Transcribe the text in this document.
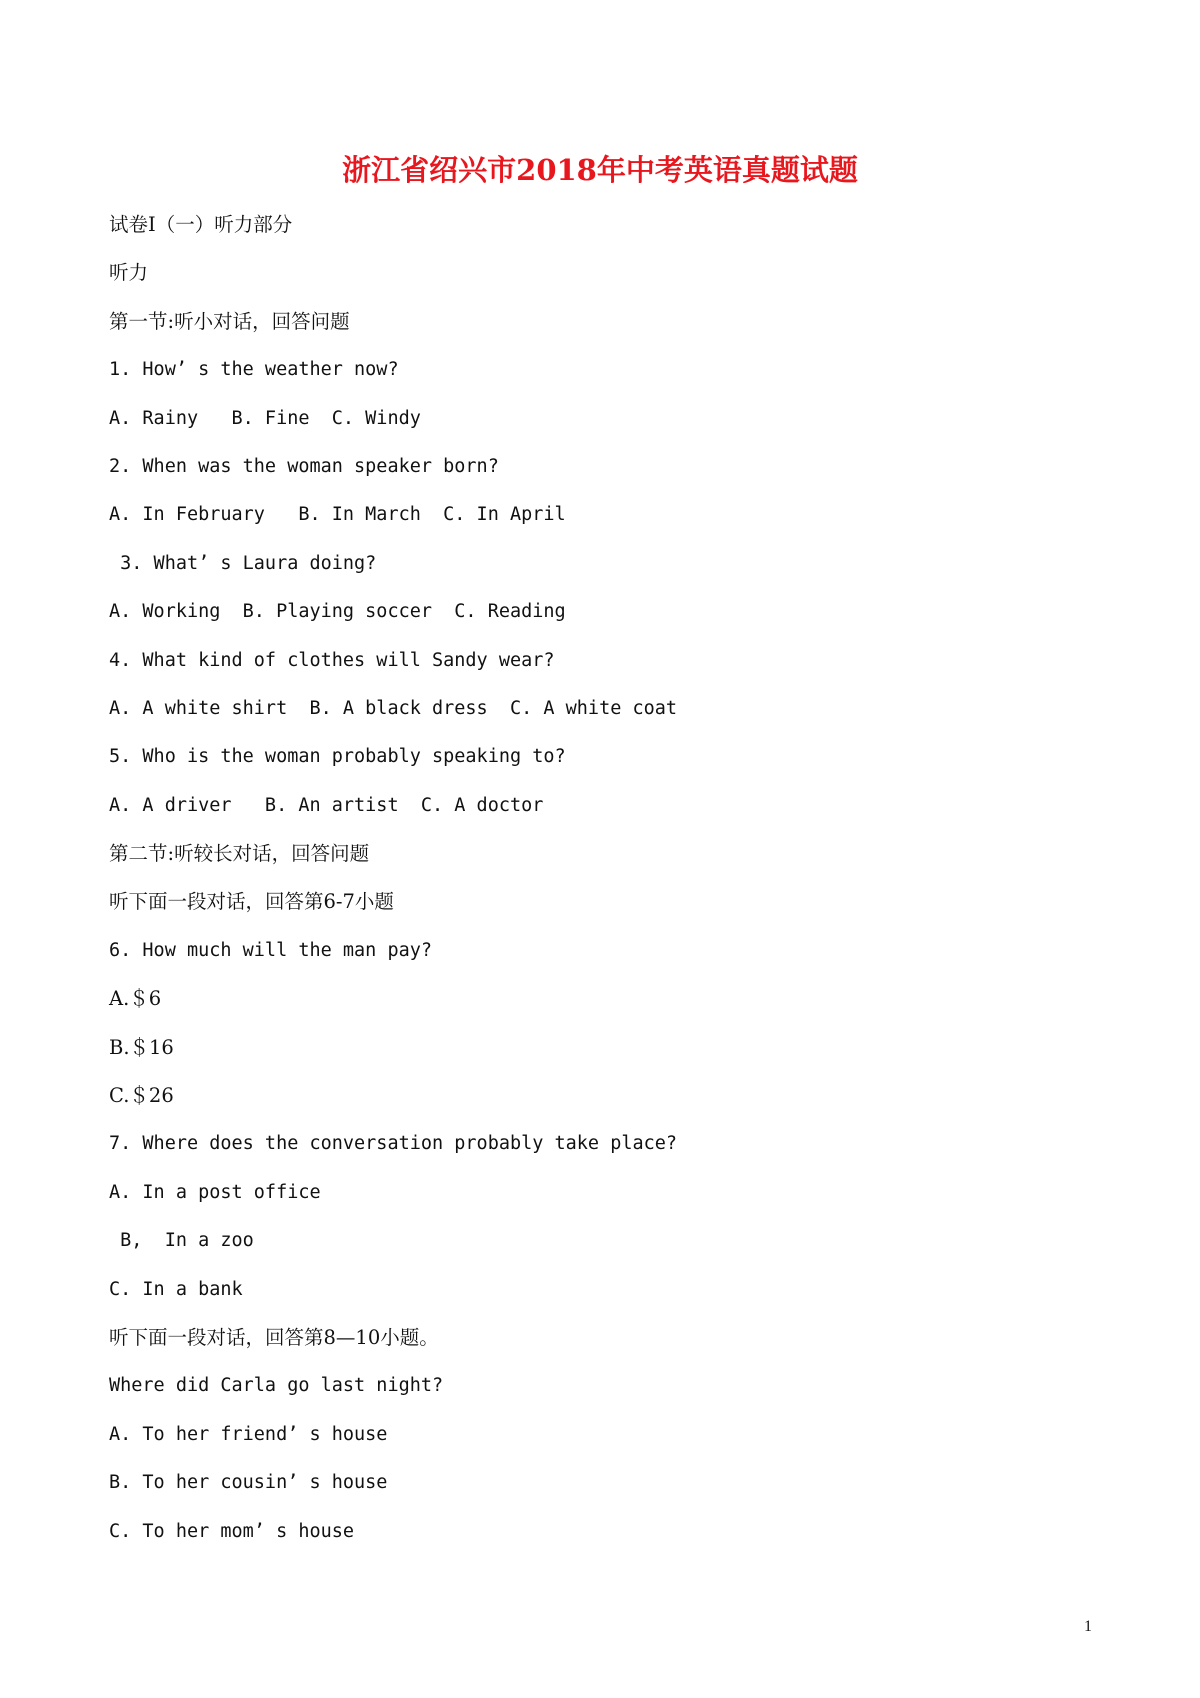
浙江省绍兴市2018年中考英语真题试题
试卷Ⅰ（一）听力部分
听力
第一节:听小对话，回答问题
1. How’ s the weather now?
A. Rainy   B. Fine  C. Windy
2. When was the woman speaker born?
A. In February   B. In March  C. In April
3. What’ s Laura doing?
A. Working  B. Playing soccer  C. Reading
4. What kind of clothes will Sandy wear?
A. A white shirt  B. A black dress  C. A white coat
5. Who is the woman probably speaking to?
A. A driver   B. An artist  C. A doctor
第二节:听较长对话，回答问题
听下面一段对话，回答第6-7小题
6. How much will the man pay?
A.＄6
B.＄16
C.＄26
7. Where does the conversation probably take place?
A. In a post office
B,  In a zoo
C. In a bank
听下面一段对话，回答第8—10小题。
Where did Carla go last night?
A. To her friend’ s house
B. To her cousin’ s house
C. To her mom’ s house
1
